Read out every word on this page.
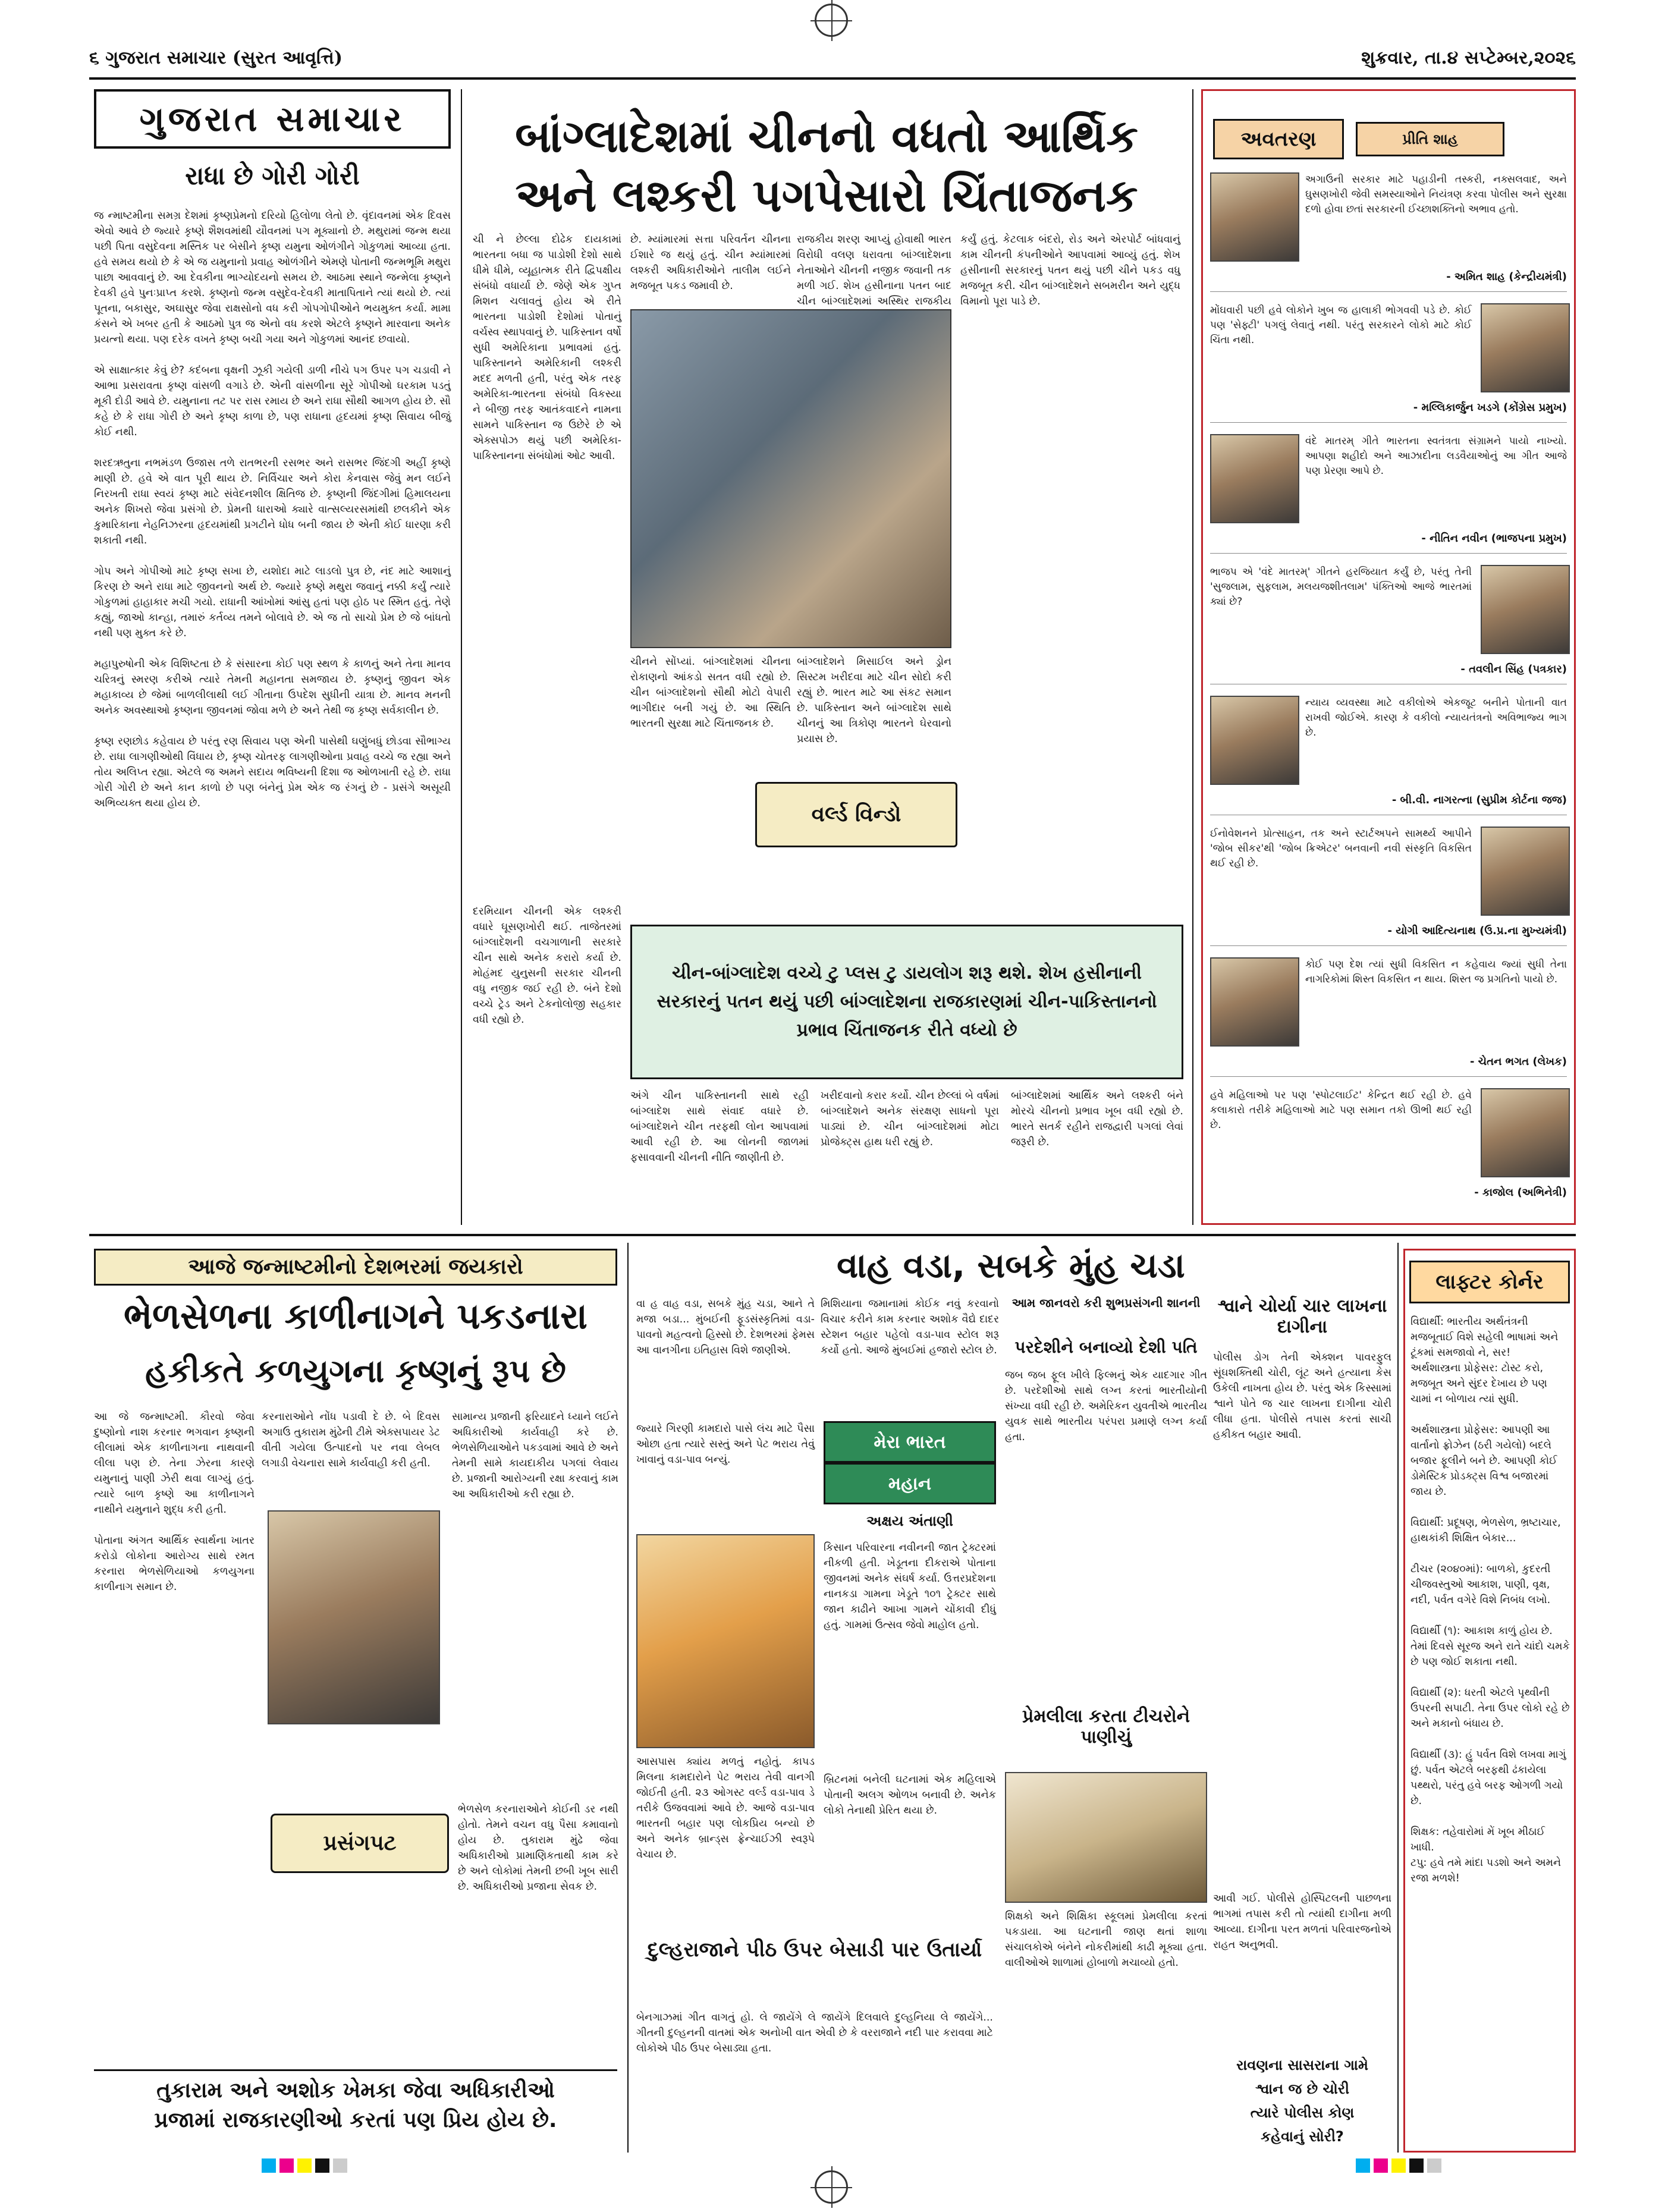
૬ ગુજરાત સમાચાર (સુરત આવૃત્તિ)	શુક્રવાર, તા.૪ સપ્ટેમ્બર,૨૦૨૬
ગુજરાત સમાચાર
રાધા છે ગોરી ગોરી
જ ન્માષ્ટમીના સમગ્ર દેશમાં કૃષ્ણપ્રેમનો દરિયો હિલોળા લેતો છે. વૃંદાવનમાં એક દિવસ એવો આવે છે જ્યારે કૃષ્ણે શૈશવમાંથી યૌવનમાં પગ મૂક્યાનો છે. મથુરામાં જન્મ થયા પછી પિતા વસુદેવના મસ્તિક પર બેસીને કૃષ્ણ યમુના ઓળંગીને ગોકુળમાં આવ્યા હતા. હવે સમય થયો છે કે એ જ યમુનાનો પ્રવાહ ઓળંગીને એમણે પોતાની જન્મભૂમિ મથુરા પાછા આવવાનું છે. આ દેવકીના ભાગ્યોદયનો સમય છે. આઠમા સ્થાને જન્મેલા કૃષ્ણને દેવકી હવે પુનઃપ્રાપ્ત કરશે. કૃષ્ણનો જન્મ વસુદેવ-દેવકી માતાપિતાને ત્યાં થયો છે. ત્યાં પૂતના, બકાસુર, અઘાસુર જેવા રાક્ષસોનો વધ કરી ગોપગોપીઓને ભયમુક્ત કર્યા. મામા કંસને એ ખબર હતી કે આઠમો પુત્ર જ એનો વધ કરશે એટલે કૃષ્ણને મારવાના અનેક પ્રયત્નો થયા. પણ દરેક વખતે કૃષ્ણ બચી ગયા અને ગોકુળમાં આનંદ છવાયો.

એ સાક્ષાત્કાર કેવું છે? કદંબના વૃક્ષની ઝૂકી ગયેલી ડાળી નીચે પગ ઉપર પગ ચડાવી ને આભા પ્રસરાવતા કૃષ્ણ વાંસળી વગાડે છે. એની વાંસળીના સૂરે ગોપીઓ ઘરકામ પડતું મૂકી દોડી આવે છે. યમુનાના તટ પર રાસ રમાય છે અને રાધા સૌથી આગળ હોય છે. સૌ કહે છે કે રાધા ગોરી છે અને કૃષ્ણ કાળા છે, પણ રાધાના હૃદયમાં કૃષ્ણ સિવાય બીજું કોઈ નથી.

શરદઋતુના નભમંડળ ઉજાસ તળે રાતભરની રસભર અને રાસભર જિંદગી અહીં કૃષ્ણે માણી છે. હવે એ વાત પૂરી થાય છે. નિર્વિચાર અને કોરા કેનવાસ જેવું મન લઈને નિરખતી રાધા સ્વયં કૃષ્ણ માટે સંવેદનશીલ ક્ષિતિજ છે. કૃષ્ણની જિંદગીમાં હિમાલયના અનેક શિખરો જેવા પ્રસંગો છે. પ્રેમની ધારાઓ ક્યારે વાત્સલ્યરસમાંથી છલકીને એક કુમારિકાના નેહનિઝરના હૃદયમાંથી પ્રગટીને ધોધ બની જાય છે એની કોઈ ધારણા કરી શકાતી નથી.

ગોપ અને ગોપીઓ માટે કૃષ્ણ સખા છે, યશોદા માટે લાડલો પુત્ર છે, નંદ માટે આશાનું કિરણ છે અને રાધા માટે જીવનનો અર્થ છે. જ્યારે કૃષ્ણે મથુરા જવાનું નક્કી કર્યું ત્યારે ગોકુળમાં હાહાકાર મચી ગયો. રાધાની આંખોમાં આંસુ હતાં પણ હોઠ પર સ્મિત હતું. તેણે કહ્યું, જાઓ કાન્હા, તમારું કર્તવ્ય તમને બોલાવે છે. એ જ તો સાચો પ્રેમ છે જે બાંધતો નથી પણ મુક્ત કરે છે.

મહાપુરુષોની એક વિશિષ્ટતા છે કે સંસારના કોઈ પણ સ્થળ કે કાળનું અને તેના માનવ ચરિત્રનું સ્મરણ કરીએ ત્યારે તેમની મહાનતા સમજાય છે. કૃષ્ણનું જીવન એક મહાકાવ્ય છે જેમાં બાળલીલાથી લઈ ગીતાના ઉપદેશ સુધીની યાત્રા છે. માનવ મનની અનેક અવસ્થાઓ કૃષ્ણના જીવનમાં જોવા મળે છે અને તેથી જ કૃષ્ણ સર્વકાલીન છે.

કૃષ્ણ રણછોડ કહેવાય છે પરંતુ રણ સિવાય પણ એની પાસેથી ઘણુંબધું છોડવા સૌભાગ્ય છે. રાધા લાગણીઓથી વિંધાય છે, કૃષ્ણ ચોતરફ લાગણીઓના પ્રવાહ વચ્ચે જ રહ્યા અને તોય અલિપ્ત રહ્યા. એટલે જ અમને સદાય ભવિષ્યની દિશા જ ઓળખાતી રહે છે. રાધા ગોરી ગોરી છે અને કાન કાળો છે પણ બંનેનું પ્રેમ એક જ રંગનું છે - પ્રસંગે અસૂયી અભિવ્યક્ત થયા હોય છે.
બાંગ્લાદેશમાં ચીનનો વધતો આર્થિક
અને લશ્કરી પગપેસારો ચિંતાજનક
ચી ને છેલ્લા દોઢેક દાયકામાં ભારતના બધા જ પાડોશી દેશો સાથે ધીમે ધીમે, વ્યૂહાત્મક રીતે દ્વિપક્ષીય સંબંધો વધાર્યા છે. જેણે એક ગુપ્ત મિશન ચલાવતું હોય એ રીતે ભારતના પાડોશી દેશોમાં પોતાનું વર્ચસ્વ સ્થાપવાનું છે. પાકિસ્તાન વર્ષો સુધી અમેરિકાના પ્રભાવમાં હતું. પાકિસ્તાનને અમેરિકાની લશ્કરી મદદ મળતી હતી, પરંતુ એક તરફ અમેરિકા-ભારતના સંબંધો વિકસ્યા ને બીજી તરફ આતંકવાદને નામના સામને પાકિસ્તાન જ ઉછેરે છે એ એક્સપોઝ થયું પછી અમેરિકા-પાકિસ્તાનના સંબંધોમાં ઓટ આવી.
છે. મ્યાંમારમાં સત્તા પરિવર્તન ચીનના ઈશારે જ થયું હતું. ચીન મ્યાંમારમાં લશ્કરી અધિકારીઓને તાલીમ લઈને મજબૂત પકડ જમાવી છે.

રાજકીય શરણ આપ્યું હોવાથી ભારત વિરોધી વલણ ધરાવતા બાંગ્લાદેશના નેતાઓને ચીનની નજીક જવાની તક મળી ગઈ. શેખ હસીનાના પતન બાદ ચીન બાંગ્લાદેશમાં અસ્થિર રાજકીય
કર્યું હતું. કેટલાક બંદરો, રોડ અને એરપોર્ટ બાંધવાનું કામ ચીનની કંપનીઓને આપવામાં આવ્યું હતું. શેખ હસીનાની સરકારનું પતન થયું પછી ચીને પકડ વધુ મજબૂત કરી. ચીન બાંગ્લાદેશને સબમરીન અને યુદ્ધ વિમાનો પૂરા પાડે છે.
ચીનને સોંપ્યાં. બાંગ્લાદેશમાં ચીનના રોકાણનો આંકડો સતત વધી રહ્યો છે. ચીન બાંગ્લાદેશનો સૌથી મોટો વેપારી ભાગીદાર બની ગયું છે. આ સ્થિતિ ભારતની સુરક્ષા માટે ચિંતાજનક છે.
બાંગ્લાદેશને મિસાઈલ અને ડ્રોન સિસ્ટમ ખરીદવા માટે ચીન સોદો કરી રહ્યું છે. ભારત માટે આ સંકટ સમાન છે. પાકિસ્તાન અને બાંગ્લાદેશ સાથે ચીનનું આ ત્રિકોણ ભારતને ઘેરવાનો પ્રયાસ છે.
વર્લ્ડ વિન્ડો
ચીન-બાંગ્લાદેશ વચ્ચે ટુ પ્લસ ટુ ડાયલોગ શરૂ થશે. શેખ હસીનાની સરકારનું પતન થયું પછી બાંગ્લાદેશના રાજકારણમાં ચીન-પાકિસ્તાનનો પ્રભાવ ચિંતાજનક રીતે વધ્યો છે
દરમિયાન ચીનની એક લશ્કરી વધારે ઘૂસણખોરી થઈ. તાજેતરમાં બાંગ્લાદેશની વચગાળાની સરકારે ચીન સાથે અનેક કરારો કર્યા છે. મોહંમદ યુનુસની સરકાર ચીનની વધુ નજીક જઈ રહી છે. બંને દેશો વચ્ચે ટ્રેડ અને ટેકનોલોજી સહકાર વધી રહ્યો છે.
અંગે ચીન પાકિસ્તાનની સાથે રહી બાંગ્લાદેશ સાથે સંવાદ વધારે છે. બાંગ્લાદેશને ચીન તરફથી લોન આપવામાં આવી રહી છે. આ લોનની જાળમાં ફસાવવાની ચીનની નીતિ જાણીતી છે.
ખરીદવાનો કરાર કર્યો. ચીન છેલ્લાં બે વર્ષમાં બાંગ્લાદેશને અનેક સંરક્ષણ સાધનો પૂરા પાડ્યાં છે. ચીન બાંગ્લાદેશમાં મોટા પ્રોજેક્ટ્સ હાથ ધરી રહ્યું છે.
બાંગ્લાદેશમાં આર્થિક અને લશ્કરી બંને મોરચે ચીનનો પ્રભાવ ખૂબ વધી રહ્યો છે. ભારતે સતર્ક રહીને રાજદ્વારી પગલાં લેવાં જરૂરી છે.
અવતરણ	પ્રીતિ શાહ
અગાઉની સરકાર માટે પહાડીની તસ્કરી, નક્સલવાદ, અને ઘુસણખોરી જેવી સમસ્યાઓને નિયંત્રણ કરવા પોલીસ અને સુરક્ષા દળો હોવા છતાં સરકારની ઈચ્છાશક્તિનો અભાવ હતો.
- અમિત શાહ (કેન્દ્રીયમંત્રી)
મોંઘવારી પછી હવે લોકોને ખુબ જ હાલાકી ભોગવવી પડે છે. કોઈ પણ 'સેફ્ટી' પગલું લેવાતું નથી. પરંતુ સરકારને લોકો માટે કોઈ ચિંતા નથી.
- મલ્લિકાર્જુન ખડગે (કોંગ્રેસ પ્રમુખ)
વંદે માતરમ્ ગીતે ભારતના સ્વતંત્રતા સંગ્રામને પાયો નાખ્યો. આપણા શહીદો અને આઝાદીના લડવૈયાઓનું આ ગીત આજે પણ પ્રેરણા આપે છે.
- નીતિન નવીન (ભાજપના પ્રમુખ)
ભાજપ એ 'વંદે માતરમ્' ગીતને હરજિયાત કર્યું છે, પરંતુ તેની 'સુજલામ, સુફલામ, મલયજશીતલામ' પંક્તિઓ આજે ભારતમાં ક્યાં છે?
- તવલીન સિંહ (પત્રકાર)
ન્યાય વ્યવસ્થા માટે વકીલોએ એકજૂટ બનીને પોતાની વાત રાખવી જોઈએ. કારણ કે વકીલો ન્યાયતંત્રનો અવિભાજ્ય ભાગ છે.
- બી.વી. નાગરત્ના (સુપ્રીમ કોર્ટના જજ)
ઈનોવેશનને પ્રોત્સાહન, તક અને સ્ટાર્ટઅપને સામર્થ્ય આપીને 'જોબ સીકર'થી 'જોબ ક્રિએટર' બનવાની નવી સંસ્કૃતિ વિકસિત થઈ રહી છે.
- યોગી આદિત્યનાથ (ઉ.પ્ર.ના મુખ્યમંત્રી)
કોઈ પણ દેશ ત્યાં સુધી વિકસિત ન કહેવાય જ્યાં સુધી તેના નાગરિકોમાં શિસ્ત વિકસિત ન થાય. શિસ્ત જ પ્રગતિનો પાયો છે.
- ચેતન ભગત (લેખક)
હવે મહિલાઓ પર પણ 'સ્પોટલાઈટ' કેન્દ્રિત થઈ રહી છે. હવે કલાકારો તરીકે મહિલાઓ માટે પણ સમાન તકો ઊભી થઈ રહી છે.
- કાજોલ (અભિનેત્રી)
આજે જન્માષ્ટમીનો દેશભરમાં જયકારો
ભેળસેળના કાળીનાગને પકડનારા
હકીકતે કળયુગના કૃષ્ણનું રૂપ છે
આ જે જન્માષ્ટમી. કૌરવો જેવા દુષ્ણોનો નાશ કરનાર ભગવાન કૃષ્ણની લીલામાં એક કાળીનાગના નાથવાની લીલા પણ છે. તેના ઝેરના કારણે યમુનાનું પાણી ઝેરી થવા લાગ્યું હતું. ત્યારે બાળ કૃષ્ણે આ કાળીનાગને નાથીને યમુનાને શુદ્ધ કરી હતી.

પોતાના અંગત આર્થિક સ્વાર્થના ખાતર કરોડો લોકોના આરોગ્ય સાથે રમત કરનારા ભેળસેળિયાઓ કળયુગના કાળીનાગ સમાન છે.
કરનારાઓને નોંધ પડાવી દે છે. બે દિવસ અગાઉ તુકારામ મુંઢેની ટીમે એક્સપાયર ડેટ વીતી ગયેલા ઉત્પાદનો પર નવા લેબલ લગાડી વેચનારા સામે કાર્યવાહી કરી હતી.
સામાન્ય પ્રજાની ફરિયાદને ધ્યાને લઈને અધિકારીઓ કાર્યવાહી કરે છે. ભેળસેળિયાઓને પકડવામાં આવે છે અને તેમની સામે કાયદાકીય પગલાં લેવાય છે. પ્રજાની આરોગ્યની રક્ષા કરવાનું કામ આ અધિકારીઓ કરી રહ્યા છે.
પ્રસંગપટ
ભેળસેળ કરનારાઓને કોઈની ડર નથી હોતો. તેમને વચન વધુ પૈસા કમાવાનો હોય છે. તુકારામ મુંઢે જેવા અધિકારીઓ પ્રામાણિકતાથી કામ કરે છે અને લોકોમાં તેમની છબી ખૂબ સારી છે. અધિકારીઓ પ્રજાના સેવક છે.
તુકારામ અને અશોક ખેમકા જેવા અધિકારીઓ
પ્રજામાં રાજકારણીઓ કરતાં પણ પ્રિય હોય છે.
વાહ વડા, સબકે મુંહ ચડા
વા હ વાહ વડા, સબકે મુંહ ચડા, આને તે મજા બડા... મુંબઈની ફૂડસંસ્કૃતિમાં વડા-પાવનો મહત્વનો હિસ્સો છે. દેશભરમાં ફેમસ આ વાનગીના ઇતિહાસ વિશે જાણીએ.
મિશિયાના જમાનામાં કોઈક નવું કરવાનો વિચાર કરીને કામ કરનાર અશોક વૈદ્યે દાદર સ્ટેશન બહાર પહેલો વડા-પાવ સ્ટોલ શરૂ કર્યો હતો. આજે મુંબઈમાં હજારો સ્ટોલ છે.
જ્યારે ગિરણી કામદારો પાસે લંચ માટે પૈસા ઓછા હતા ત્યારે સસ્તું અને પેટ ભરાય તેવું ખાવાનું વડા-પાવ બન્યું.
આસપાસ ક્યાંય મળતું નહોતું. કાપડ મિલના કામદારોને પેટ ભરાય તેવી વાનગી જોઈતી હતી. ૨૩ ઓગસ્ટ વર્લ્ડ વડા-પાવ ડે તરીકે ઉજવવામાં આવે છે. આજે વડા-પાવ ભારતની બહાર પણ લોકપ્રિય બન્યો છે અને અનેક બ્રાન્ડ્સ ફ્રેન્ચાઈઝી સ્વરૂપે વેચાય છે.
દુલ્હરાજાને પીઠ ઉપર બેસાડી પાર ઉતાર્યા
બેનગાઝમાં ગીત વાગતું હો. લે જાયેંગે લે જાયેંગે દિલવાલે દુલ્હનિયા લે જાયેંગે... ગીતની દુલ્હનની વાતમાં એક અનોખી વાત એવી છે કે વરરાજાને નદી પાર કરાવવા માટે લોકોએ પીઠ ઉપર બેસાડ્યા હતા.
મેરા ભારત
મહાન
અક્ષય અંતાણી
કિસાન પરિવારના નવીનની જાત ટ્રેક્ટરમાં નીકળી હતી. ખેડૂતના દીકરાએ પોતાના જીવનમાં અનેક સંઘર્ષ કર્યા. ઉત્તરપ્રદેશના નાનકડા ગામના ખેડૂતે ૧૦૧ ટ્રેક્ટર સાથે જાન કાઢીને આખા ગામને ચોંકાવી દીધું હતું. ગામમાં ઉત્સવ જેવો માહોલ હતો.
બ્રિટનમાં બનેલી ઘટનામાં એક મહિલાએ પોતાની અલગ ઓળખ બનાવી છે. અનેક લોકો તેનાથી પ્રેરિત થયા છે.
આમ જાનવરો કરી શુભપ્રસંગની શાનની
પરદેશીને બનાવ્યો દેશી પતિ
જબ જબ ફૂલ ખીલે ફિલ્મનું એક યાદગાર ગીત છે. પરદેશીઓ સાથે લગ્ન કરતાં ભારતીયોની સંખ્યા વધી રહી છે. અમેરિકન યુવતીએ ભારતીય યુવક સાથે ભારતીય પરંપરા પ્રમાણે લગ્ન કર્યા હતા.
પ્રેમલીલા કરતા ટીચરોને પાણીચું
શિક્ષકો અને શિક્ષિકા સ્કૂલમાં પ્રેમલીલા કરતાં પકડાયા. આ ઘટનાની જાણ થતાં શાળા સંચાલકોએ બંનેને નોકરીમાંથી કાઢી મૂક્યા હતા. વાલીઓએ શાળામાં હોબાળો મચાવ્યો હતો.
શ્વાને ચોર્યા ચાર લાખના દાગીના
પોલીસ ડોગ તેની એક્શન પાવરફુલ સૂંઘશક્તિથી ચોરી, લૂંટ અને હત્યાના કેસ ઉકેલી નાખતા હોય છે. પરંતુ એક કિસ્સામાં શ્વાને પોતે જ ચાર લાખના દાગીના ચોરી લીધા હતા. પોલીસે તપાસ કરતાં સાચી હકીકત બહાર આવી.
આવી ગઈ. પોલીસે હોસ્પિટલની પાછળના ભાગમાં તપાસ કરી તો ત્યાંથી દાગીના મળી આવ્યા. દાગીના પરત મળતાં પરિવારજનોએ રાહત અનુભવી.
રાવણના સાસરાના ગામે
શ્વાન જ છે ચોરી
ત્યારે પોલીસ કોણ
કહેવાનું સોરી?
લાફ્ટર કોર્નર
વિદ્યાર્થી: ભારતીય અર્થતંત્રની મજબૂતાઈ વિશે સહેલી ભાષામાં અને ટૂંકમાં સમજાવો ને, સર!
અર્થશાસ્ત્રના પ્રોફેસર: ટોસ્ટ કરો, મજબૂત અને સુંદર દેખાય છે પણ ચામાં ન બોળાય ત્યાં સુધી.

અર્થશાસ્ત્રના પ્રોફેસર: આપણી આ વાર્તાનો ફ્રોઝેન (ઠરી ગયેલો) બદલે બજાર ફૂલીને બને છે. આપણી કોઈ ડોમેસ્ટિક પ્રોડક્ટ્સ વિશ્વ બજારમાં જાય છે.

વિદ્યાર્થી: પ્રદૂષણ, ભેળસેળ, ભ્રષ્ટાચાર, હાથકાંકી શિક્ષિત બેકાર...

ટીચર (૨૦૪૦માં): બાળકો, કુદરતી ચીજવસ્તુઓ આકાશ, પાણી, વૃક્ષ, નદી, પર્વત વગેરે વિશે નિબંધ લખો.

વિદ્યાર્થી (૧): આકાશ કાળું હોય છે. તેમાં દિવસે સૂરજ અને રાતે ચાંદો ચમકે છે પણ જોઈ શકાતા નથી.

વિદ્યાર્થી (૨): ધરતી એટલે પૃથ્વીની ઉપરની સપાટી. તેના ઉપર લોકો રહે છે અને મકાનો બંધાય છે.

વિદ્યાર્થી (૩): હું પર્વત વિશે લખવા માગું છું. પર્વત એટલે બરફથી ઢંકાયેલા પથ્થરો, પરંતુ હવે બરફ ઓગળી ગયો છે.

શિક્ષક: તહેવારોમાં મેં ખૂબ મીઠાઈ ખાધી.
ટપુ: હવે તમે માંદા પડશો અને અમને રજા મળશે!
